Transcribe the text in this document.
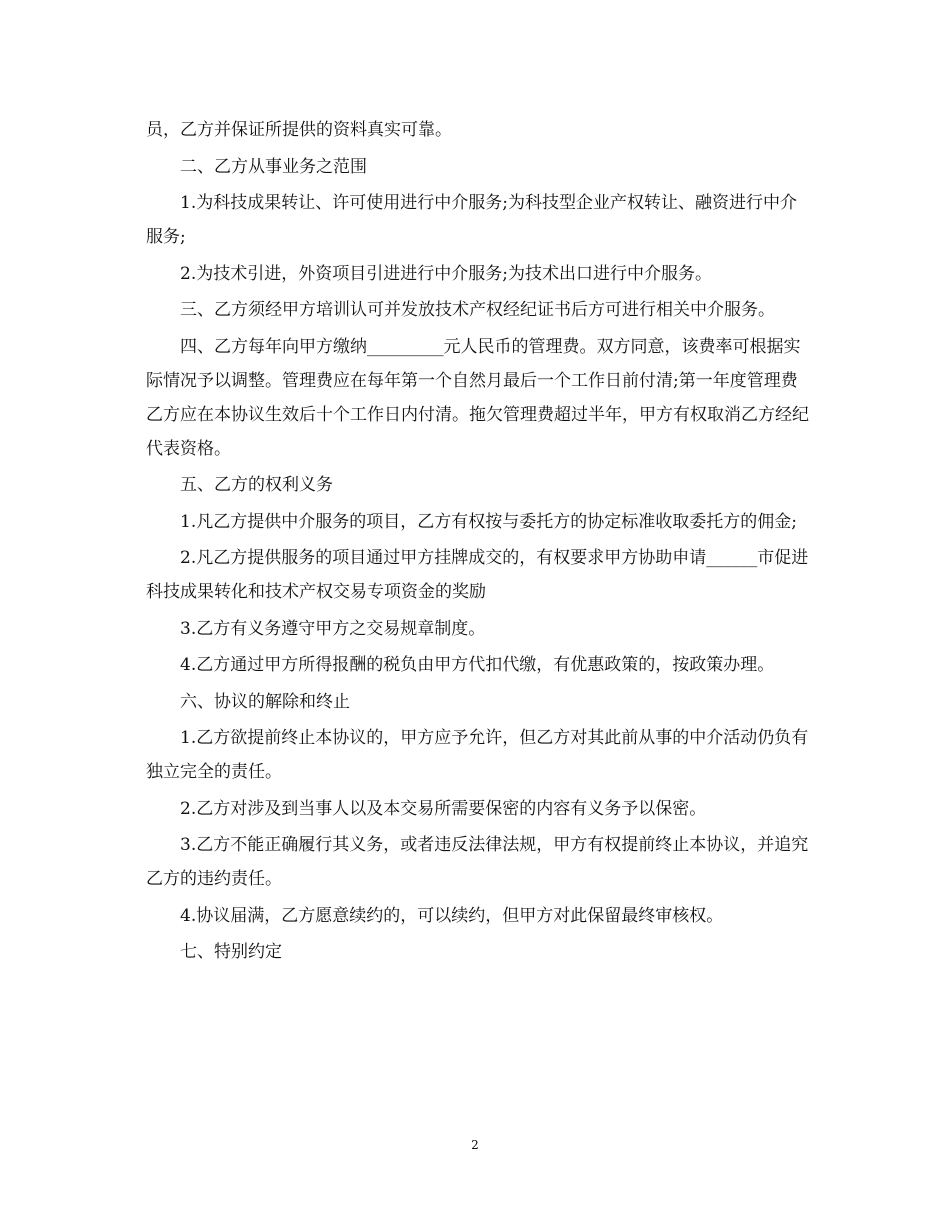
员，乙方并保证所提供的资料真实可靠。

二、乙方从事业务之范围

1.为科技成果转让、许可使用进行中介服务;为科技型企业产权转让、融资进行中介服务;

2.为技术引进，外资项目引进进行中介服务;为技术出口进行中介服务。

三、乙方须经甲方培训认可并发放技术产权经纪证书后方可进行相关中介服务。

四、乙方每年向甲方缴纳_________元人民币的管理费。双方同意，该费率可根据实际情况予以调整。管理费应在每年第一个自然月最后一个工作日前付清;第一年度管理费乙方应在本协议生效后十个工作日内付清。拖欠管理费超过半年，甲方有权取消乙方经纪代表资格。

五、乙方的权利义务

1.凡乙方提供中介服务的项目，乙方有权按与委托方的协定标准收取委托方的佣金;

2.凡乙方提供服务的项目通过甲方挂牌成交的，有权要求甲方协助申请______市促进科技成果转化和技术产权交易专项资金的奖励

3.乙方有义务遵守甲方之交易规章制度。

4.乙方通过甲方所得报酬的税负由甲方代扣代缴，有优惠政策的，按政策办理。

六、协议的解除和终止

1.乙方欲提前终止本协议的，甲方应予允许，但乙方对其此前从事的中介活动仍负有独立完全的责任。

2.乙方对涉及到当事人以及本交易所需要保密的内容有义务予以保密。

3.乙方不能正确履行其义务，或者违反法律法规，甲方有权提前终止本协议，并追究乙方的违约责任。

4.协议届满，乙方愿意续约的，可以续约，但甲方对此保留最终审核权。

七、特别约定

2
